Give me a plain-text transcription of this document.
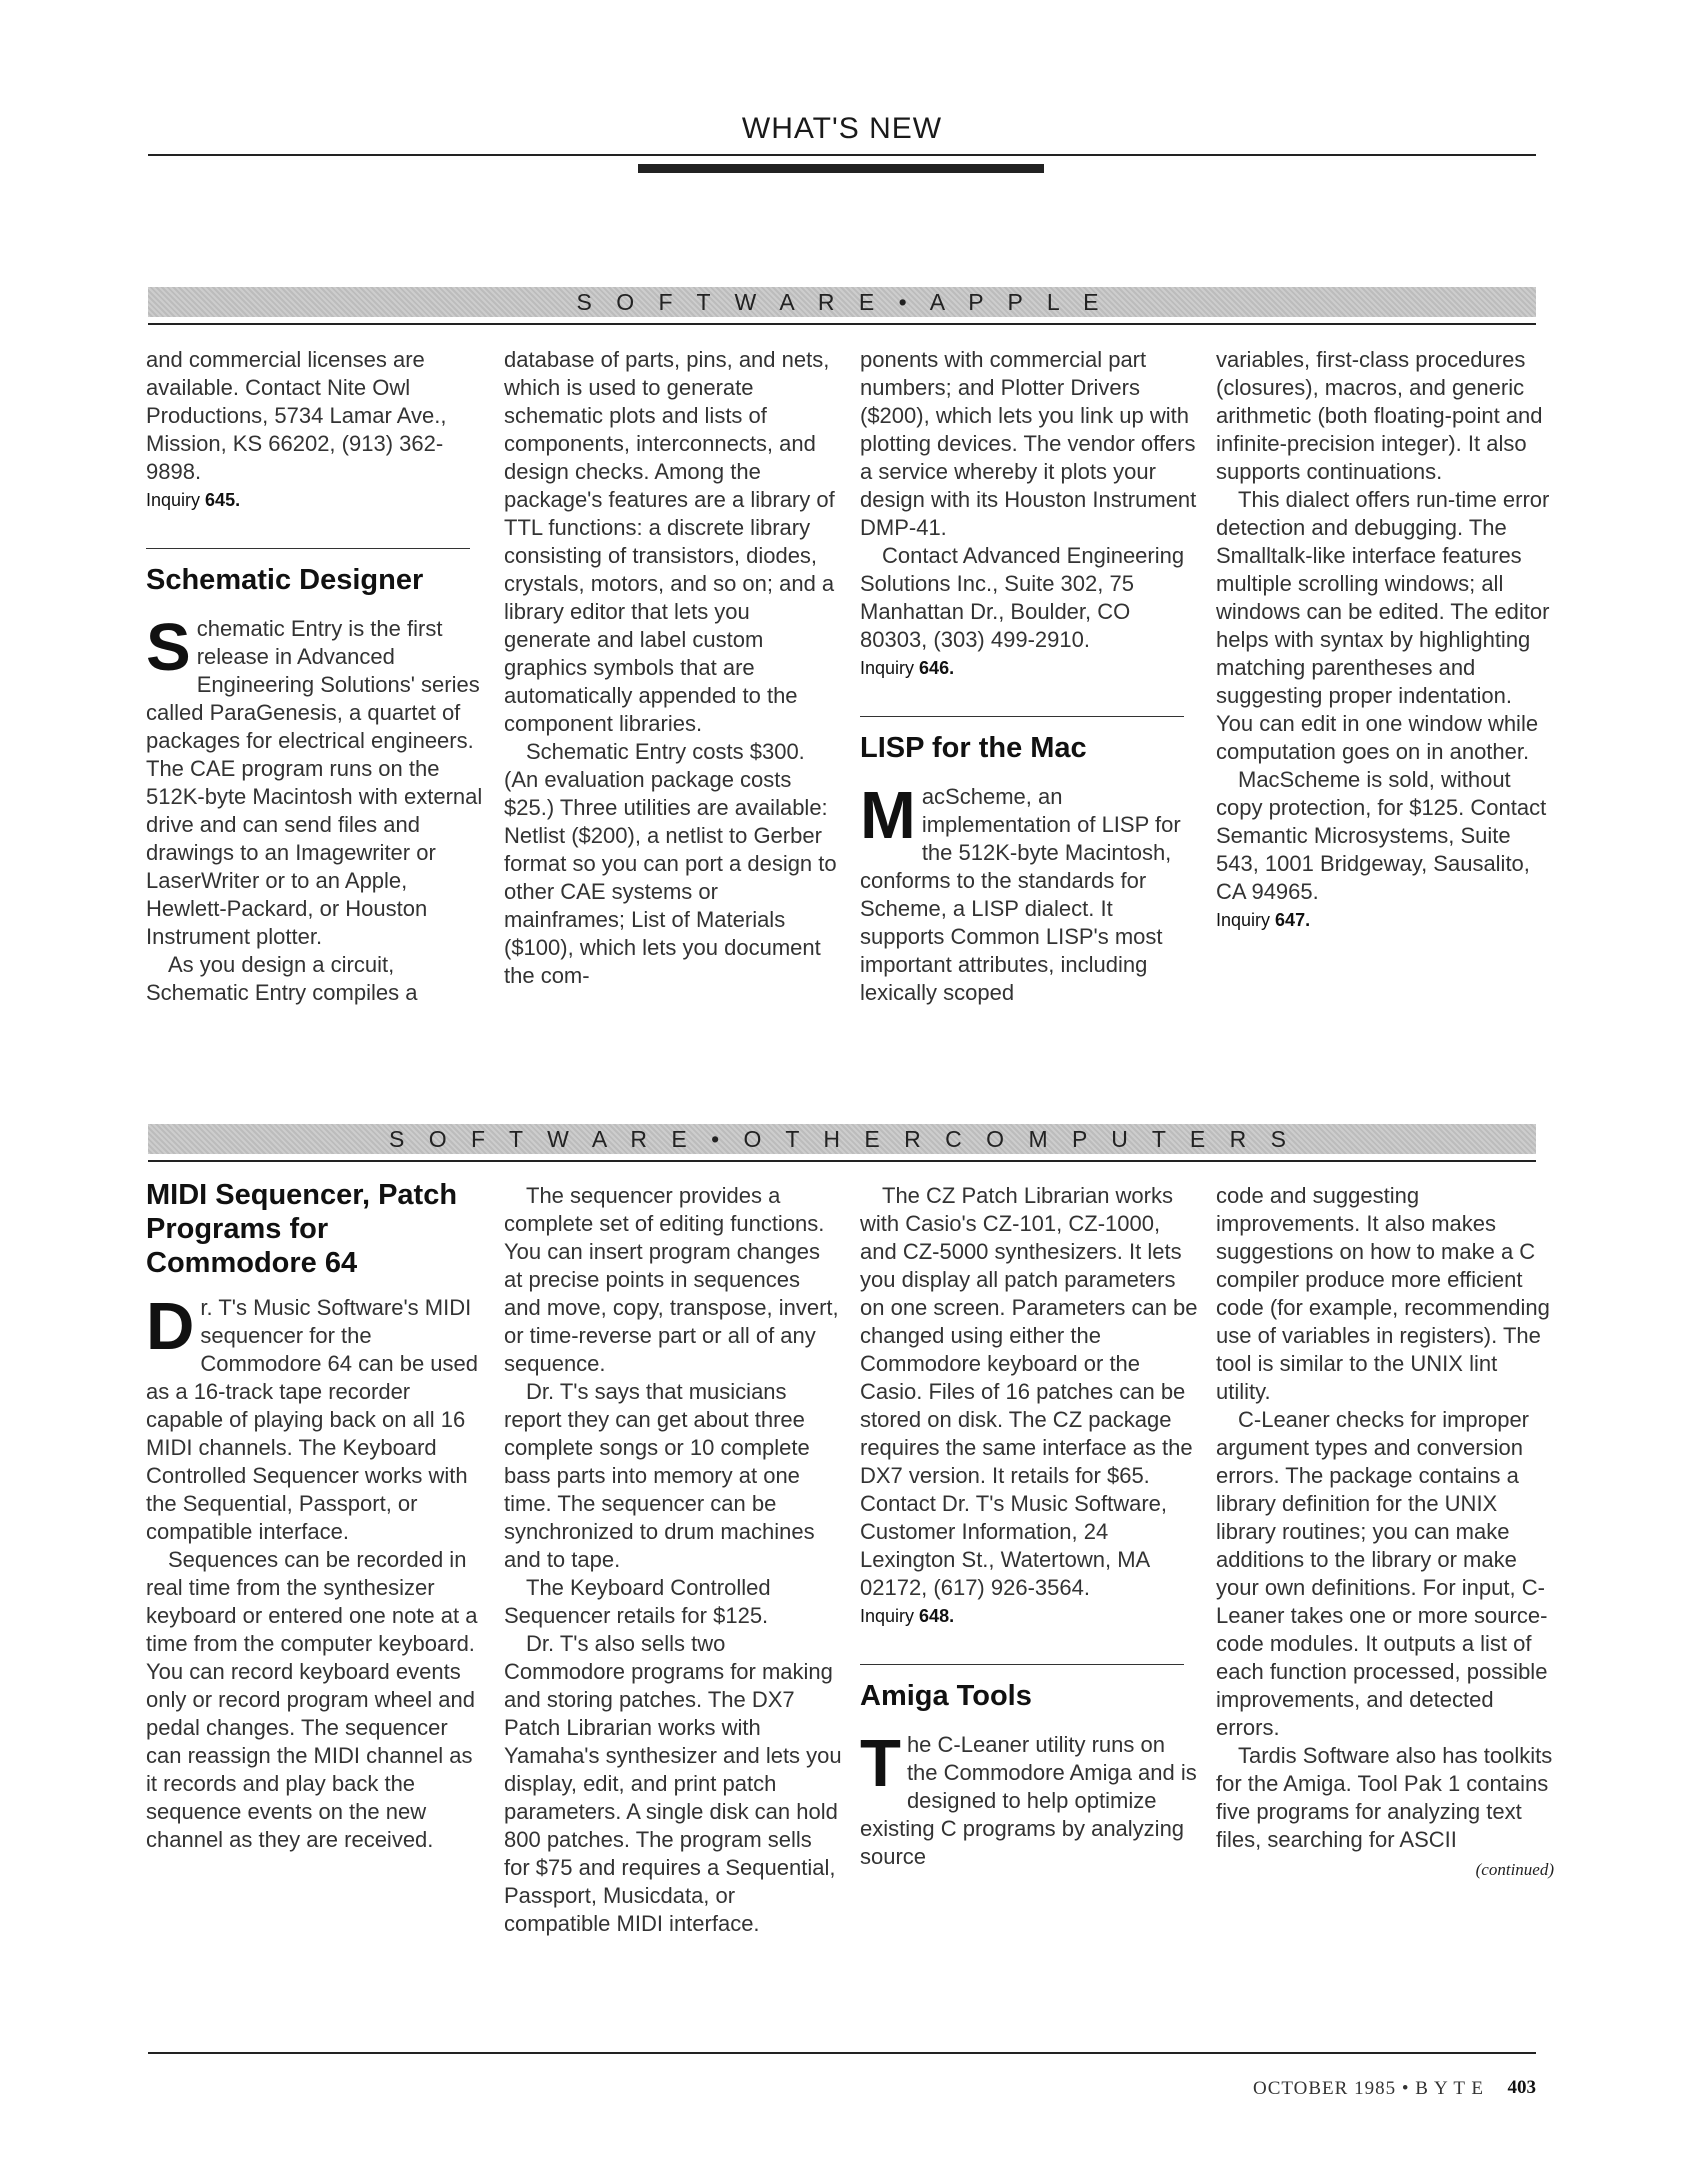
WHAT'S NEW
S O F T W A R E • A P P L E

and commercial licenses are available. Contact Nite Owl Productions, 5734 Lamar Ave., Mission, KS 66202, (913) 362-9898.

Inquiry 645.
Schematic Designer

Schematic Entry is the first release in Advanced Engineering Solutions' series called ParaGenesis, a quartet of packages for electrical engineers. The CAE program runs on the 512K-byte Macintosh with external drive and can send files and drawings to an Imagewriter or LaserWriter or to an Apple, Hewlett-Packard, or Houston Instrument plotter.

As you design a circuit, Schematic Entry compiles a

database of parts, pins, and nets, which is used to generate schematic plots and lists of components, interconnects, and design checks. Among the package's features are a library of TTL functions: a discrete library consisting of transistors, diodes, crystals, motors, and so on; and a library editor that lets you generate and label custom graphics symbols that are automatically appended to the component libraries.

Schematic Entry costs $300. (An evaluation package costs $25.) Three utilities are available: Netlist ($200), a netlist to Gerber format so you can port a design to other CAE systems or mainframes; List of Materials ($100), which lets you document the com-

ponents with commercial part numbers; and Plotter Drivers ($200), which lets you link up with plotting devices. The vendor offers a service whereby it plots your design with its Houston Instrument DMP-41.

Contact Advanced Engineering Solutions Inc., Suite 302, 75 Manhattan Dr., Boulder, CO 80303, (303) 499-2910.

Inquiry 646.
LISP for the Mac

MacScheme, an implementation of LISP for the 512K-byte Macintosh, conforms to the standards for Scheme, a LISP dialect. It supports Common LISP's most important attributes, including lexically scoped

variables, first-class procedures (closures), macros, and generic arithmetic (both floating-point and infinite-precision integer). It also supports continuations.

This dialect offers run-time error detection and debugging. The Smalltalk-like interface features multiple scrolling windows; all windows can be edited. The editor helps with syntax by highlighting matching parentheses and suggesting proper indentation. You can edit in one window while computation goes on in another.

MacScheme is sold, without copy protection, for $125. Contact Semantic Microsystems, Suite 543, 1001 Bridgeway, Sausalito, CA 94965.

Inquiry 647.
S O F T W A R E • O T H E R C O M P U T E R S
MIDI Sequencer, Patch Programs for Commodore 64

Dr. T's Music Software's MIDI sequencer for the Commodore 64 can be used as a 16-track tape recorder capable of playing back on all 16 MIDI channels. The Keyboard Controlled Sequencer works with the Sequential, Passport, or compatible interface.

Sequences can be recorded in real time from the synthesizer keyboard or entered one note at a time from the computer keyboard. You can record keyboard events only or record program wheel and pedal changes. The sequencer can reassign the MIDI channel as it records and play back the sequence events on the new channel as they are received.

The sequencer provides a complete set of editing functions. You can insert program changes at precise points in sequences and move, copy, transpose, invert, or time-reverse part or all of any sequence.

Dr. T's says that musicians report they can get about three complete songs or 10 complete bass parts into memory at one time. The sequencer can be synchronized to drum machines and to tape.

The Keyboard Controlled Sequencer retails for $125.

Dr. T's also sells two Commodore programs for making and storing patches. The DX7 Patch Librarian works with Yamaha's synthesizer and lets you display, edit, and print patch parameters. A single disk can hold 800 patches. The program sells for $75 and requires a Sequential, Passport, Musicdata, or compatible MIDI interface.

The CZ Patch Librarian works with Casio's CZ-101, CZ-1000, and CZ-5000 synthesizers. It lets you display all patch parameters on one screen. Parameters can be changed using either the Commodore keyboard or the Casio. Files of 16 patches can be stored on disk. The CZ package requires the same interface as the DX7 version. It retails for $65. Contact Dr. T's Music Software, Customer Information, 24 Lexington St., Watertown, MA 02172, (617) 926-3564.

Inquiry 648.
Amiga Tools

The C-Leaner utility runs on the Commodore Amiga and is designed to help optimize existing C programs by analyzing source

code and suggesting improvements. It also makes suggestions on how to make a C compiler produce more efficient code (for example, recommending use of variables in registers). The tool is similar to the UNIX lint utility.

C-Leaner checks for improper argument types and conversion errors. The package contains a library definition for the UNIX library routines; you can make additions to the library or make your own definitions. For input, C-Leaner takes one or more source-code modules. It outputs a list of each function processed, possible improvements, and detected errors.

Tardis Software also has toolkits for the Amiga. Tool Pak 1 contains five programs for analyzing text files, searching for ASCII

(continued)
OCTOBER 1985 • B Y T E 403
